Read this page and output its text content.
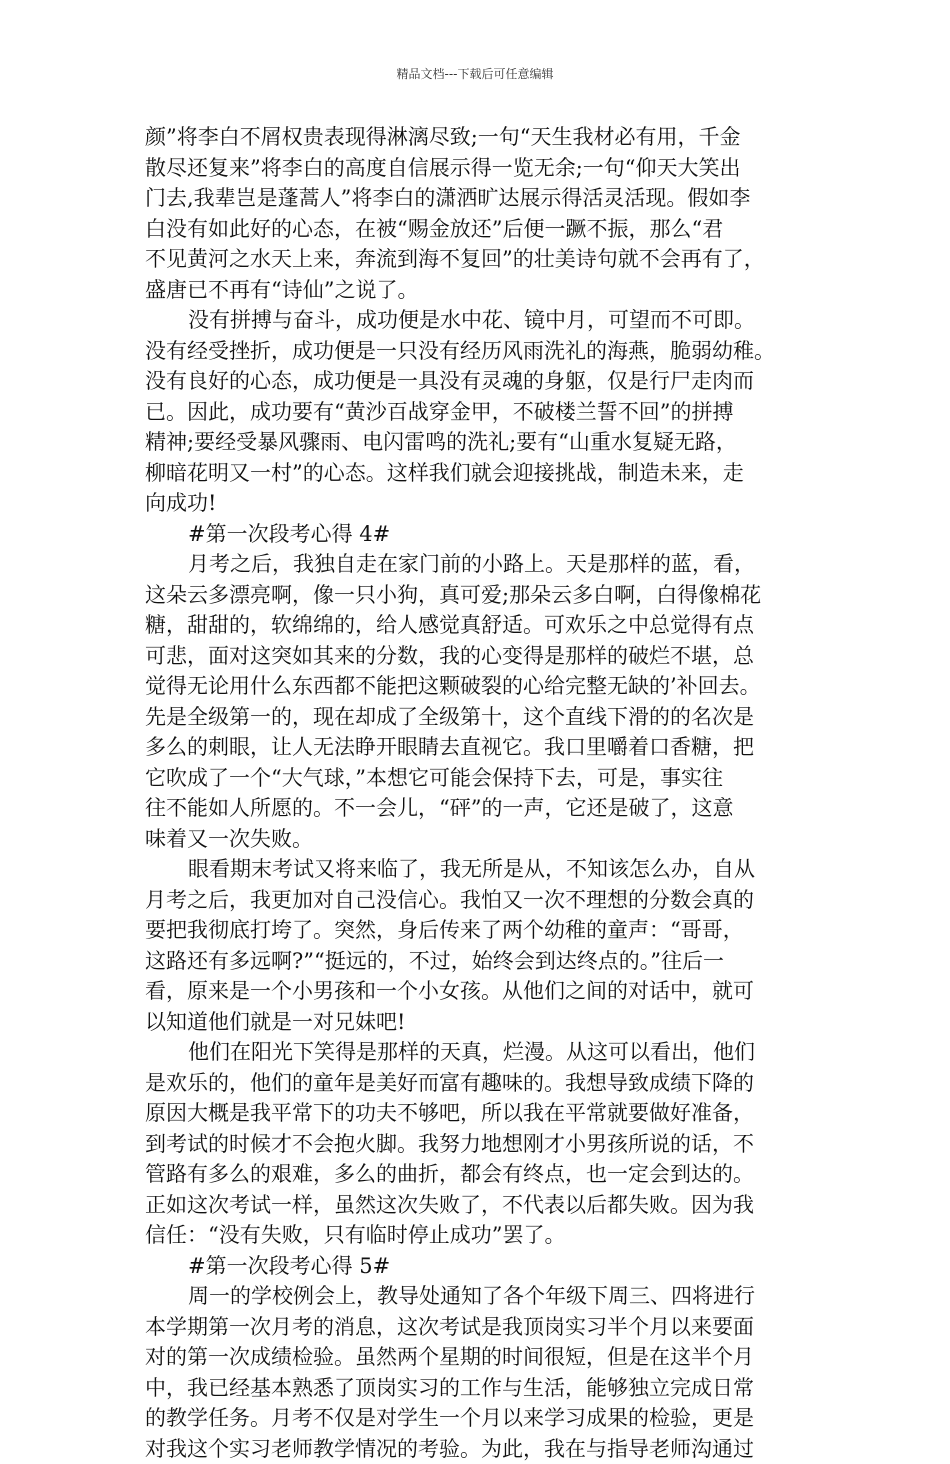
精品文档---下载后可任意编辑
颜”将李白不屑权贵表现得淋漓尽致;一句“天生我材必有用，千金
散尽还复来”将李白的高度自信展示得一览无余;一句“仰天大笑出
门去,我辈岂是蓬蒿人”将李白的潇洒旷达展示得活灵活现。假如李
白没有如此好的心态，在被“赐金放还”后便一蹶不振，那么“君
不见黄河之水天上来，奔流到海不复回”的壮美诗句就不会再有了，
盛唐已不再有“诗仙”之说了。
没有拼搏与奋斗，成功便是水中花、镜中月，可望而不可即。
没有经受挫折，成功便是一只没有经历风雨洗礼的海燕，脆弱幼稚。
没有良好的心态，成功便是一具没有灵魂的身躯，仅是行尸走肉而
已。因此，成功要有“黄沙百战穿金甲，不破楼兰誓不回”的拼搏
精神;要经受暴风骤雨、电闪雷鸣的洗礼;要有“山重水复疑无路，
柳暗花明又一村”的心态。这样我们就会迎接挑战，制造未来，走
向成功!
#第一次段考心得 4#
月考之后，我独自走在家门前的小路上。天是那样的蓝，看，
这朵云多漂亮啊，像一只小狗，真可爱;那朵云多白啊，白得像棉花
糖，甜甜的，软绵绵的，给人感觉真舒适。可欢乐之中总觉得有点
可悲，面对这突如其来的分数，我的心变得是那样的破烂不堪，总
觉得无论用什么东西都不能把这颗破裂的心给完整无缺的’补回去。
先是全级第一的，现在却成了全级第十，这个直线下滑的的名次是
多么的刺眼，让人无法睁开眼睛去直视它。我口里嚼着口香糖，把
它吹成了一个“大气球，”本想它可能会保持下去，可是，事实往
往不能如人所愿的。不一会儿，“砰”的一声，它还是破了，这意
味着又一次失败。
眼看期末考试又将来临了，我无所是从，不知该怎么办，自从
月考之后，我更加对自己没信心。我怕又一次不理想的分数会真的
要把我彻底打垮了。突然，身后传来了两个幼稚的童声：“哥哥，
这路还有多远啊?”“挺远的，不过，始终会到达终点的。”往后一
看，原来是一个小男孩和一个小女孩。从他们之间的对话中，就可
以知道他们就是一对兄妹吧!
他们在阳光下笑得是那样的天真，烂漫。从这可以看出，他们
是欢乐的，他们的童年是美好而富有趣味的。我想导致成绩下降的
原因大概是我平常下的功夫不够吧，所以我在平常就要做好准备，
到考试的时候才不会抱火脚。我努力地想刚才小男孩所说的话，不
管路有多么的艰难，多么的曲折，都会有终点，也一定会到达的。
正如这次考试一样，虽然这次失败了，不代表以后都失败。因为我
信任：“没有失败，只有临时停止成功”罢了。
#第一次段考心得 5#
周一的学校例会上，教导处通知了各个年级下周三、四将进行
本学期第一次月考的消息，这次考试是我顶岗实习半个月以来要面
对的第一次成绩检验。虽然两个星期的时间很短，但是在这半个月
中，我已经基本熟悉了顶岗实习的工作与生活，能够独立完成日常
的教学任务。月考不仅是对学生一个月以来学习成果的检验，更是
对我这个实习老师教学情况的考验。为此，我在与指导老师沟通过
